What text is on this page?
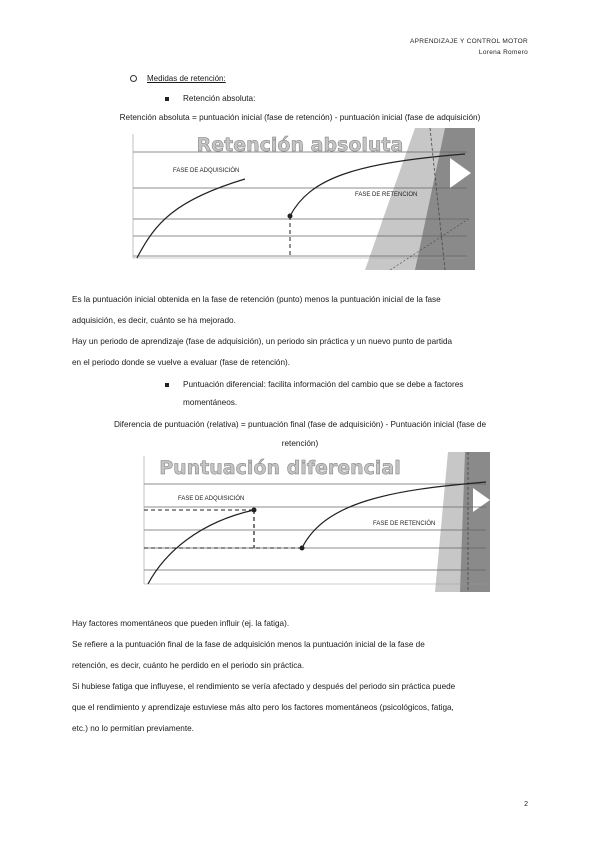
APRENDIZAJE Y CONTROL MOTOR
Lorena Romero
Medidas de retención:
Retención absoluta:
Retención absoluta = puntuación inicial (fase de retención) - puntuación inicial (fase de adquisición)
Retención absoluta
FASE DE ADQUISICIÓN
FASE DE RETENCION
Es la puntuación inicial obtenida en la fase de retención (punto) menos la puntuación inicial de la fase
adquisición, es decir, cuánto se ha mejorado.
Hay un periodo de aprendizaje (fase de adquisición), un periodo sin práctica y un nuevo punto de partida
en el periodo donde se vuelve a evaluar (fase de retención).
Puntuación diferencial: facilita información del cambio que se debe a factores
momentáneos.
Diferencia de puntuación (relativa) = puntuación final (fase de adquisición) - Puntuación inicial (fase de
retención)
Puntuación diferencial
FASE DE ADQUISICIÓN
FASE DE RETENCIÓN
Hay factores momentáneos que pueden influir (ej. la fatiga).
Se refiere a la puntuación final de la fase de adquisición menos la puntuación inicial de la fase de
retención, es decir, cuánto he perdido en el periodo sin práctica.
Si hubiese fatiga que influyese, el rendimiento se vería afectado y después del periodo sin práctica puede
que el rendimiento y aprendizaje estuviese más alto pero los factores momentáneos (psicológicos, fatiga,
etc.) no lo permitían previamente.
2
